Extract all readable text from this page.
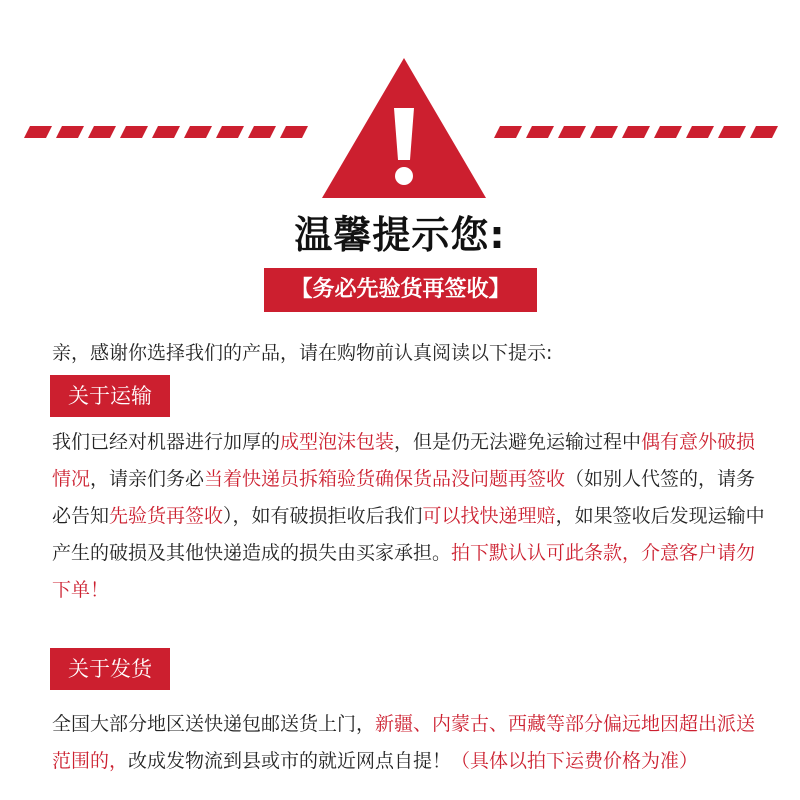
温馨提示您:
【务必先验货再签收】
亲，感谢你选择我们的产品，请在购物前认真阅读以下提示:
关于运输
我们已经对机器进行加厚的成型泡沫包装，但是仍无法避免运输过程中偶有意外破损情况，请亲们务必当着快递员拆箱验货确保货品没问题再签收（如别人代签的，请务必告知先验货再签收），如有破损拒收后我们可以找快递理赔，如果签收后发现运输中产生的破损及其他快递造成的损失由买家承担。拍下默认认可此条款，介意客户请勿下单！
关于发货
全国大部分地区送快递包邮送货上门，新疆、内蒙古、西藏等部分偏远地因超出派送范围的，改成发物流到县或市的就近网点自提！（具体以拍下运费价格为准）
